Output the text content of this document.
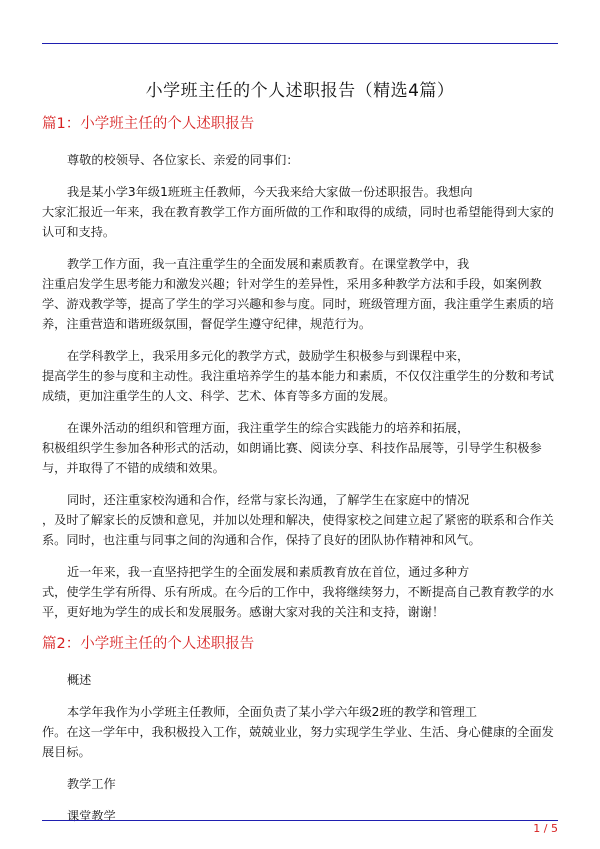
小学班主任的个人述职报告（精选4篇）
篇1：小学班主任的个人述职报告

尊敬的校领导、各位家长、亲爱的同事们：

我是某小学3年级1班班主任教师，今天我来给大家做一份述职报告。我想向
大家汇报近一年来，我在教育教学工作方面所做的工作和取得的成绩，同时也希望能得到大家的认可和支持。

教学工作方面，我一直注重学生的全面发展和素质教育。在课堂教学中，我
注重启发学生思考能力和激发兴趣；针对学生的差异性，采用多种教学方法和手段，如案例教学、游戏教学等，提高了学生的学习兴趣和参与度。同时，班级管理方面，我注重学生素质的培养，注重营造和谐班级氛围，督促学生遵守纪律，规范行为。

在学科教学上，我采用多元化的教学方式，鼓励学生积极参与到课程中来，
提高学生的参与度和主动性。我注重培养学生的基本能力和素质，不仅仅注重学生的分数和考试成绩，更加注重学生的人文、科学、艺术、体育等多方面的发展。

在课外活动的组织和管理方面，我注重学生的综合实践能力的培养和拓展，
积极组织学生参加各种形式的活动，如朗诵比赛、阅读分享、科技作品展等，引导学生积极参与，并取得了不错的成绩和效果。

同时，还注重家校沟通和合作，经常与家长沟通，了解学生在家庭中的情况
，及时了解家长的反馈和意见，并加以处理和解决，使得家校之间建立起了紧密的联系和合作关系。同时，也注重与同事之间的沟通和合作，保持了良好的团队协作精神和风气。

近一年来，我一直坚持把学生的全面发展和素质教育放在首位，通过多种方
式，使学生学有所得、乐有所成。在今后的工作中，我将继续努力，不断提高自己教育教学的水平，更好地为学生的成长和发展服务。感谢大家对我的关注和支持，谢谢！

篇2：小学班主任的个人述职报告

概述

本学年我作为小学班主任教师，全面负责了某小学六年级2班的教学和管理工
作。在这一学年中，我积极投入工作，兢兢业业，努力实现学生学业、生活、身心健康的全面发展目标。

教学工作

课堂教学

1 / 5
